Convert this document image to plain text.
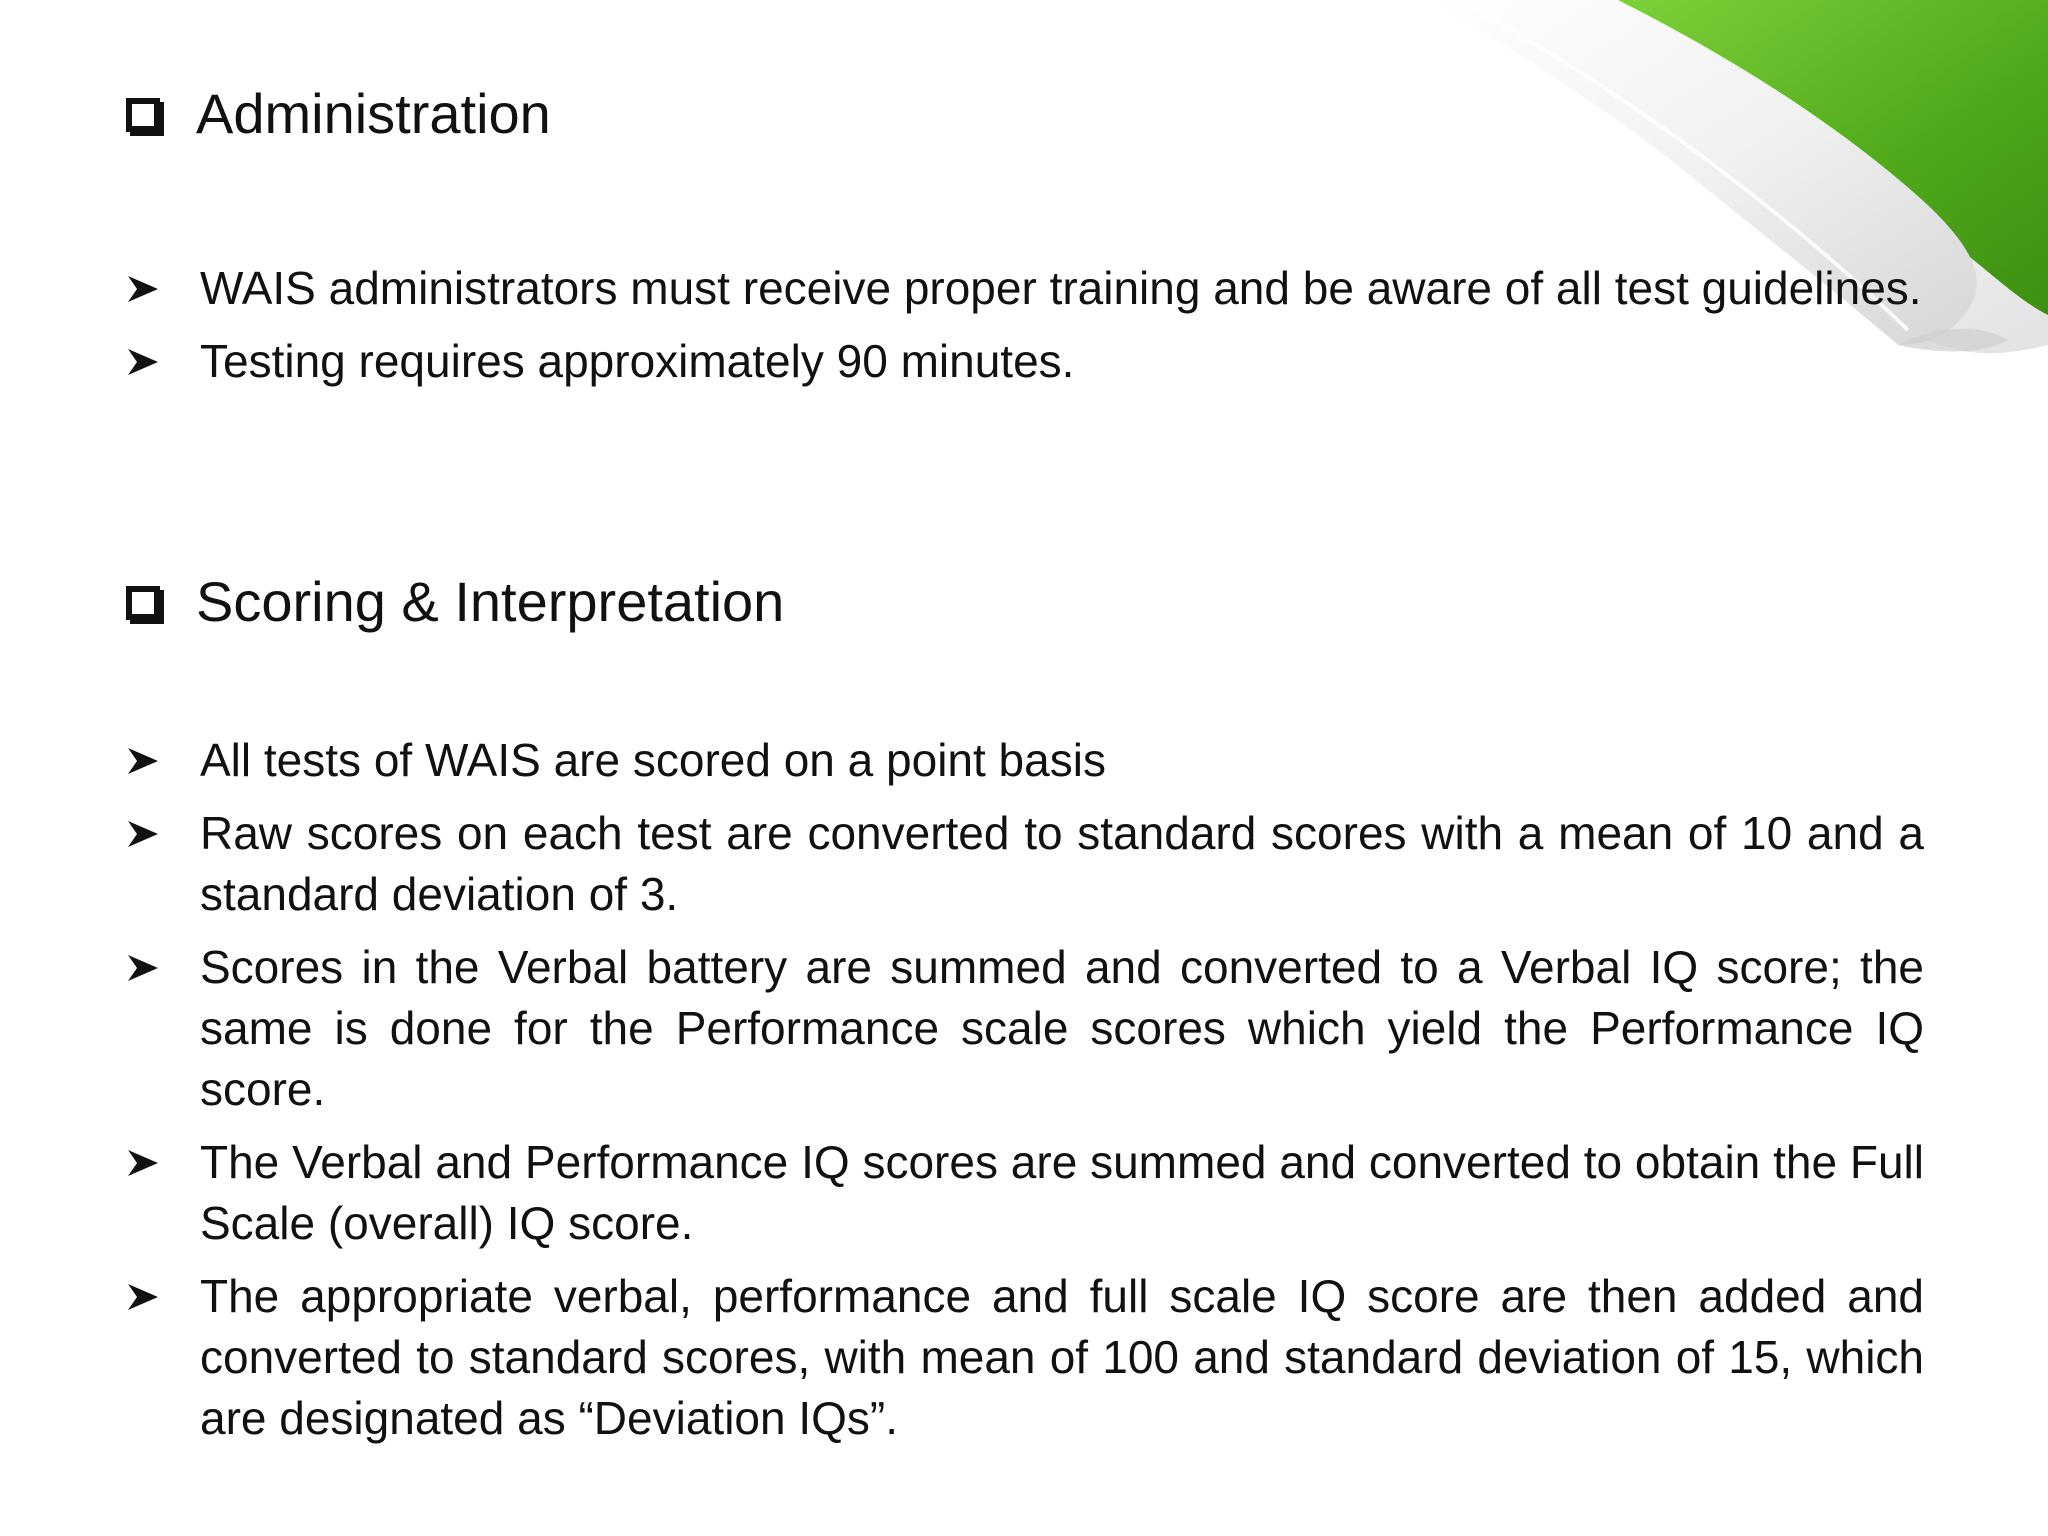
Administration
WAIS administrators must receive proper training and be aware of all test guidelines.
Testing requires approximately 90 minutes.
Scoring & Interpretation
All tests of WAIS are scored on a point basis
Raw scores on each test are converted to standard scores with a mean of 10 and a standard deviation of 3.
Scores in the Verbal battery are summed and converted to a Verbal IQ score; the same is done for the Performance scale scores which yield the Performance IQ score.
The Verbal and Performance IQ scores are summed and converted to obtain the Full Scale (overall) IQ score.
The appropriate verbal, performance and full scale IQ score are then added and converted to standard scores, with mean of 100 and standard deviation of 15, which are designated as “Deviation IQs”.
